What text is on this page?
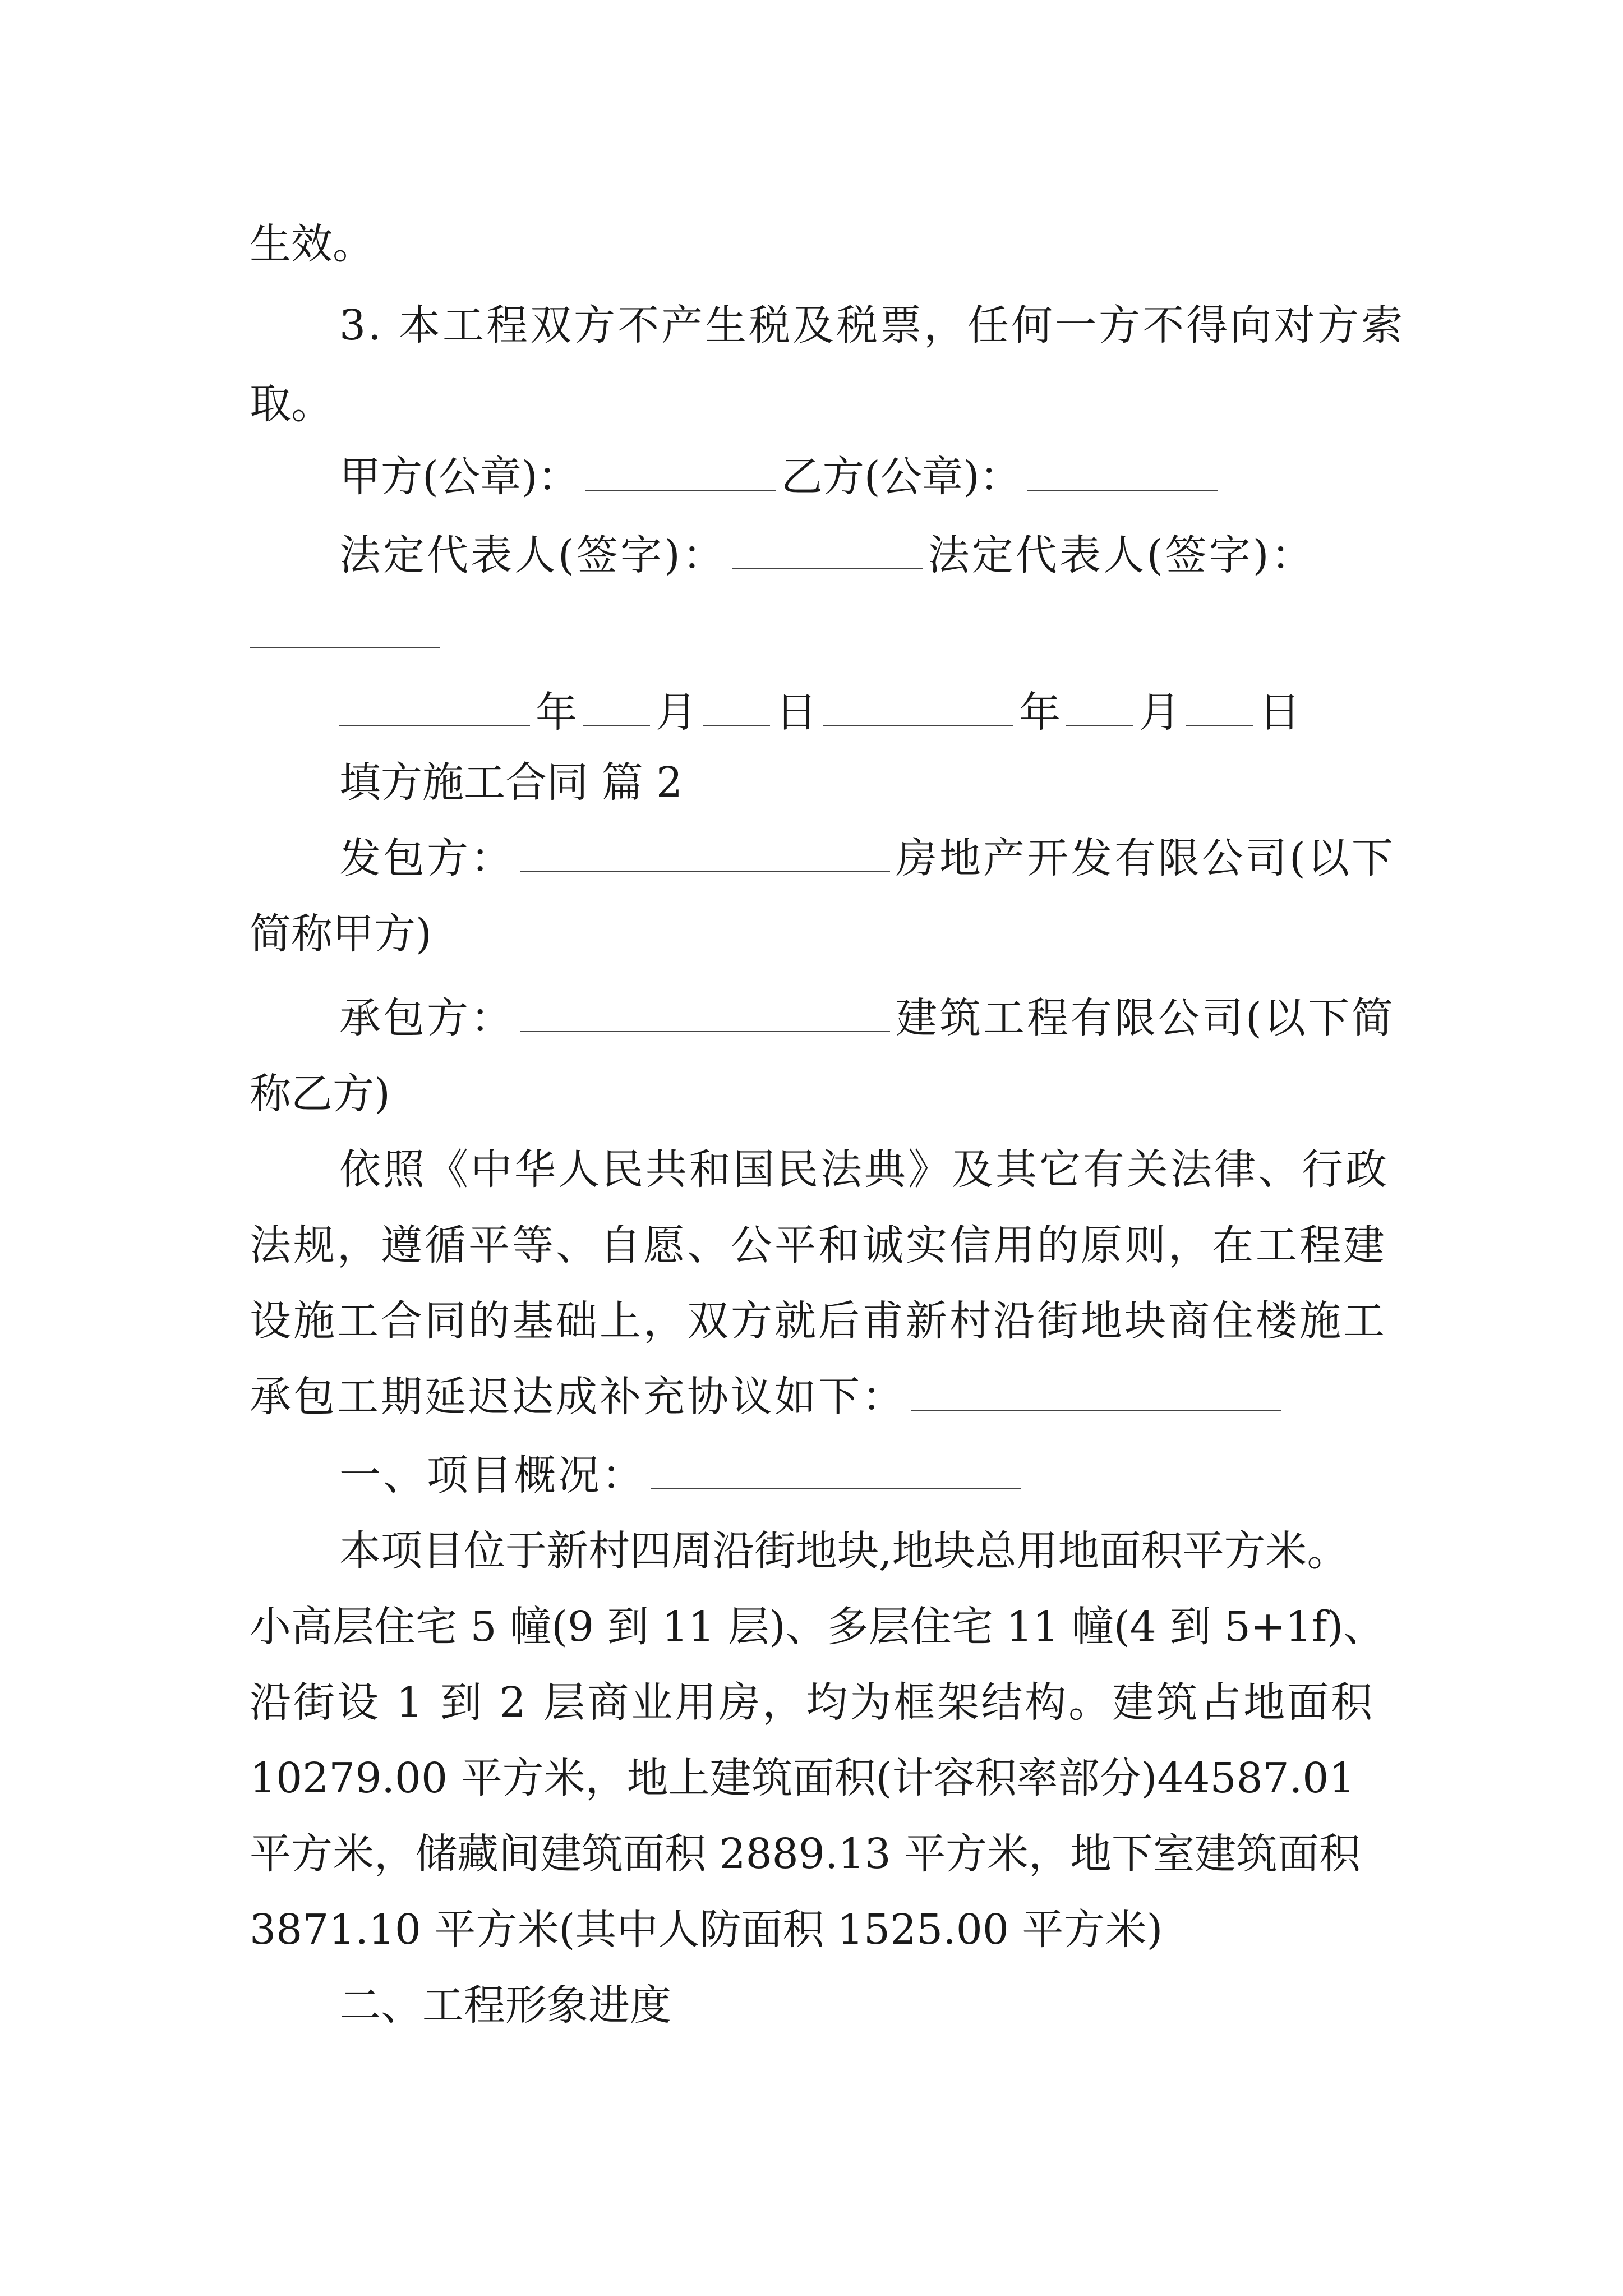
生效。
3. 本工程双方不产生税及税票，任何一方不得向对方索
取。
甲方(公章)：	乙方(公章)：
法定代表人(签字)：	法定代表人(签字)：
年 月 日	年 月 日
填方施工合同 篇 2
发包方：	房地产开发有限公司(以下
简称甲方)
承包方：	建筑工程有限公司(以下简
称乙方)
依照《中华人民共和国民法典》及其它有关法律、行政
法规，遵循平等、自愿、公平和诚实信用的原则，在工程建
设施工合同的基础上，双方就后甫新村沿街地块商住楼施工
承包工期延迟达成补充协议如下：
一、项目概况：
本项目位于新村四周沿街地块,地块总用地面积平方米。
小高层住宅 5 幢(9 到 11 层)、多层住宅 11 幢(4 到 5+1f)、
沿街设 1 到 2 层商业用房，均为框架结构。建筑占地面积
10279.00 平方米，地上建筑面积(计容积率部分)44587.01
平方米，储藏间建筑面积 2889.13 平方米，地下室建筑面积
3871.10 平方米(其中人防面积 1525.00 平方米)
二、工程形象进度
